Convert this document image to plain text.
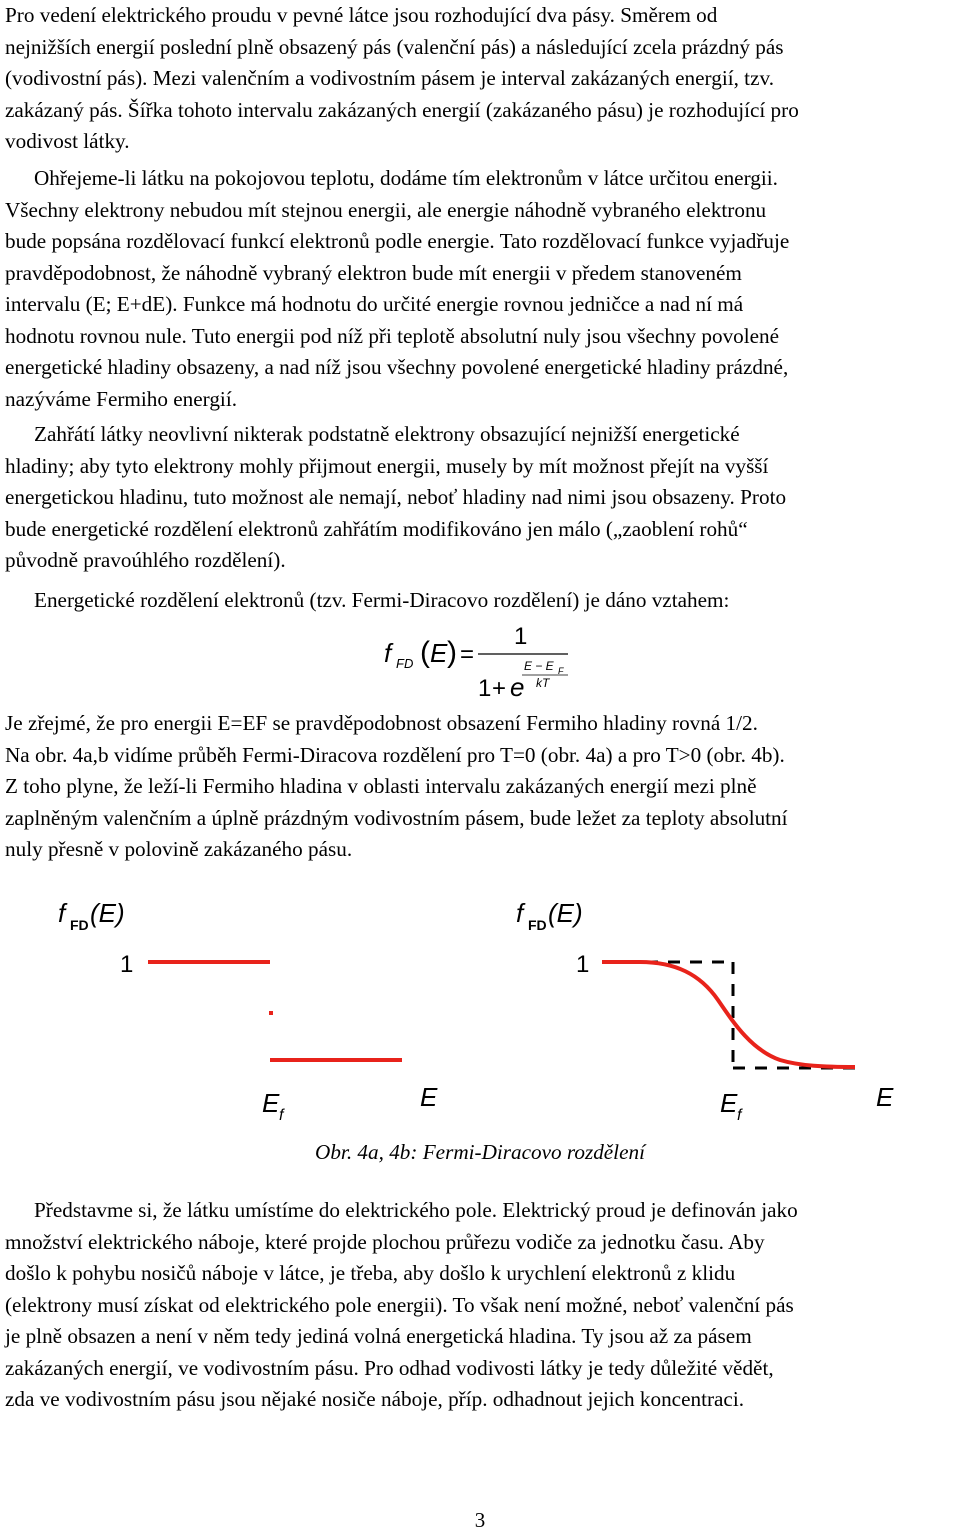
Pro vedení elektrického proudu v pevné látce jsou rozhodující dva pásy. Směrem od
nejnižších energií poslední plně obsazený pás (valenční pás) a následující zcela prázdný pás
(vodivostní pás). Mezi valenčním a vodivostním pásem je interval zakázaných energií, tzv.
zakázaný pás. Šířka tohoto intervalu zakázaných energií (zakázaného pásu) je rozhodující pro
vodivost látky.
Ohřejeme-li látku na pokojovou teplotu, dodáme tím elektronům v látce určitou energii.
Všechny elektrony nebudou mít stejnou energii, ale energie náhodně vybraného elektronu
bude popsána rozdělovací funkcí elektronů podle energie. Tato rozdělovací funkce vyjadřuje
pravděpodobnost, že náhodně vybraný elektron bude mít energii v předem stanoveném
intervalu (E; E+dE). Funkce má hodnotu do určité energie rovnou jedničce a nad ní má
hodnotu rovnou nule. Tuto energii pod níž při teplotě absolutní nuly jsou všechny povolené
energetické hladiny obsazeny, a nad níž jsou všechny povolené energetické hladiny prázdné,
nazýváme Fermiho energií.
Zahřátí látky neovlivní nikterak podstatně elektrony obsazující nejnižší energetické
hladiny; aby tyto elektrony mohly přijmout energii, musely by mít možnost přejít na vyšší
energetickou hladinu, tuto možnost ale nemají, neboť hladiny nad nimi jsou obsazeny. Proto
bude energetické rozdělení elektronů zahřátím modifikováno jen málo („zaoblení rohů“
původně pravoúhlého rozdělení).
Energetické rozdělení elektronů (tzv. Fermi-Diracovo rozdělení) je dáno vztahem:
f FD ( E ) =
1
E − E F
kT
1 + e
Je zřejmé, že pro energii E=EF se pravděpodobnost obsazení Fermiho hladiny rovná 1/2.
Na obr. 4a,b vidíme průběh Fermi-Diracova rozdělení pro T=0 (obr. 4a) a pro T>0 (obr. 4b).
Z toho plyne, že leží-li Fermiho hladina v oblasti intervalu zakázaných energií mezi plně
zaplněným valenčním a úplně prázdným vodivostním pásem, bude ležet za teploty absolutní
nuly přesně v polovině zakázaného pásu.
f FD (E)
1
E f
E
f FD (E)
1
E f
E
Obr. 4a, 4b: Fermi-Diracovo rozdělení
Představme si, že látku umístíme do elektrického pole. Elektrický proud je definován jako
množství elektrického náboje, které projde plochou průřezu vodiče za jednotku času. Aby
došlo k pohybu nosičů náboje v látce, je třeba, aby došlo k urychlení elektronů z klidu
(elektrony musí získat od elektrického pole energii). To však není možné, neboť valenční pás
je plně obsazen a není v něm tedy jediná volná energetická hladina. Ty jsou až za pásem
zakázaných energií, ve vodivostním pásu. Pro odhad vodivosti látky je tedy důležité vědět,
zda ve vodivostním pásu jsou nějaké nosiče náboje, příp. odhadnout jejich koncentraci.
3
